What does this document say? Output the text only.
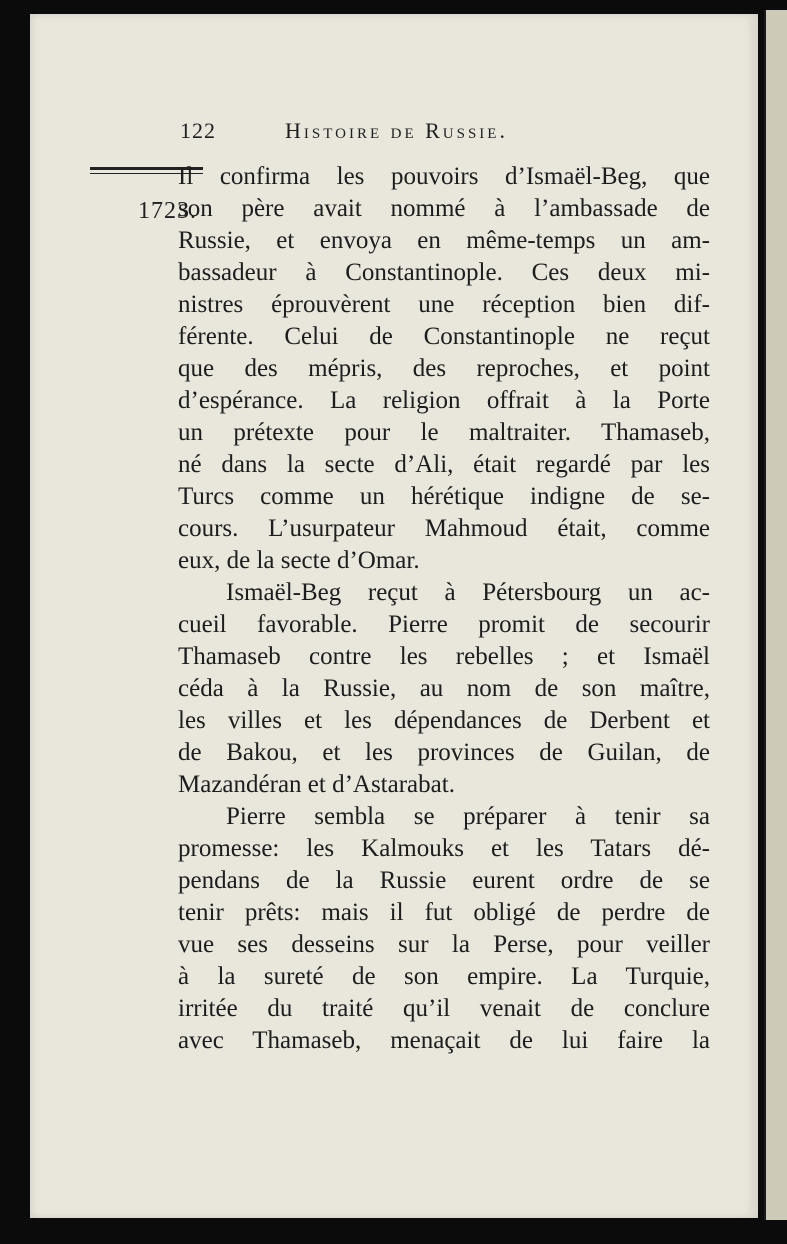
122	Histoire de Russie.
1723.
Il confirma les pouvoirs d’Ismaël-Beg, que
son père avait nommé à l’ambassade de
Russie, et envoya en même-temps un am-
bassadeur à Constantinople. Ces deux mi-
nistres éprouvèrent une réception bien dif-
férente. Celui de Constantinople ne reçut
que des mépris, des reproches, et point
d’espérance. La religion offrait à la Porte
un prétexte pour le maltraiter. Thamaseb,
né dans la secte d’Ali, était regardé par les
Turcs comme un hérétique indigne de se-
cours. L’usurpateur Mahmoud était, comme
eux, de la secte d’Omar.
Ismaël-Beg reçut à Pétersbourg un ac-
cueil favorable. Pierre promit de secourir
Thamaseb contre les rebelles ; et Ismaël
céda à la Russie, au nom de son maître,
les villes et les dépendances de Derbent et
de Bakou, et les provinces de Guilan, de
Mazandéran et d’Astarabat.
Pierre sembla se préparer à tenir sa
promesse: les Kalmouks et les Tatars dé-
pendans de la Russie eurent ordre de se
tenir prêts: mais il fut obligé de perdre de
vue ses desseins sur la Perse, pour veiller
à la sureté de son empire. La Turquie,
irritée du traité qu’il venait de conclure
avec Thamaseb, menaçait de lui faire la
